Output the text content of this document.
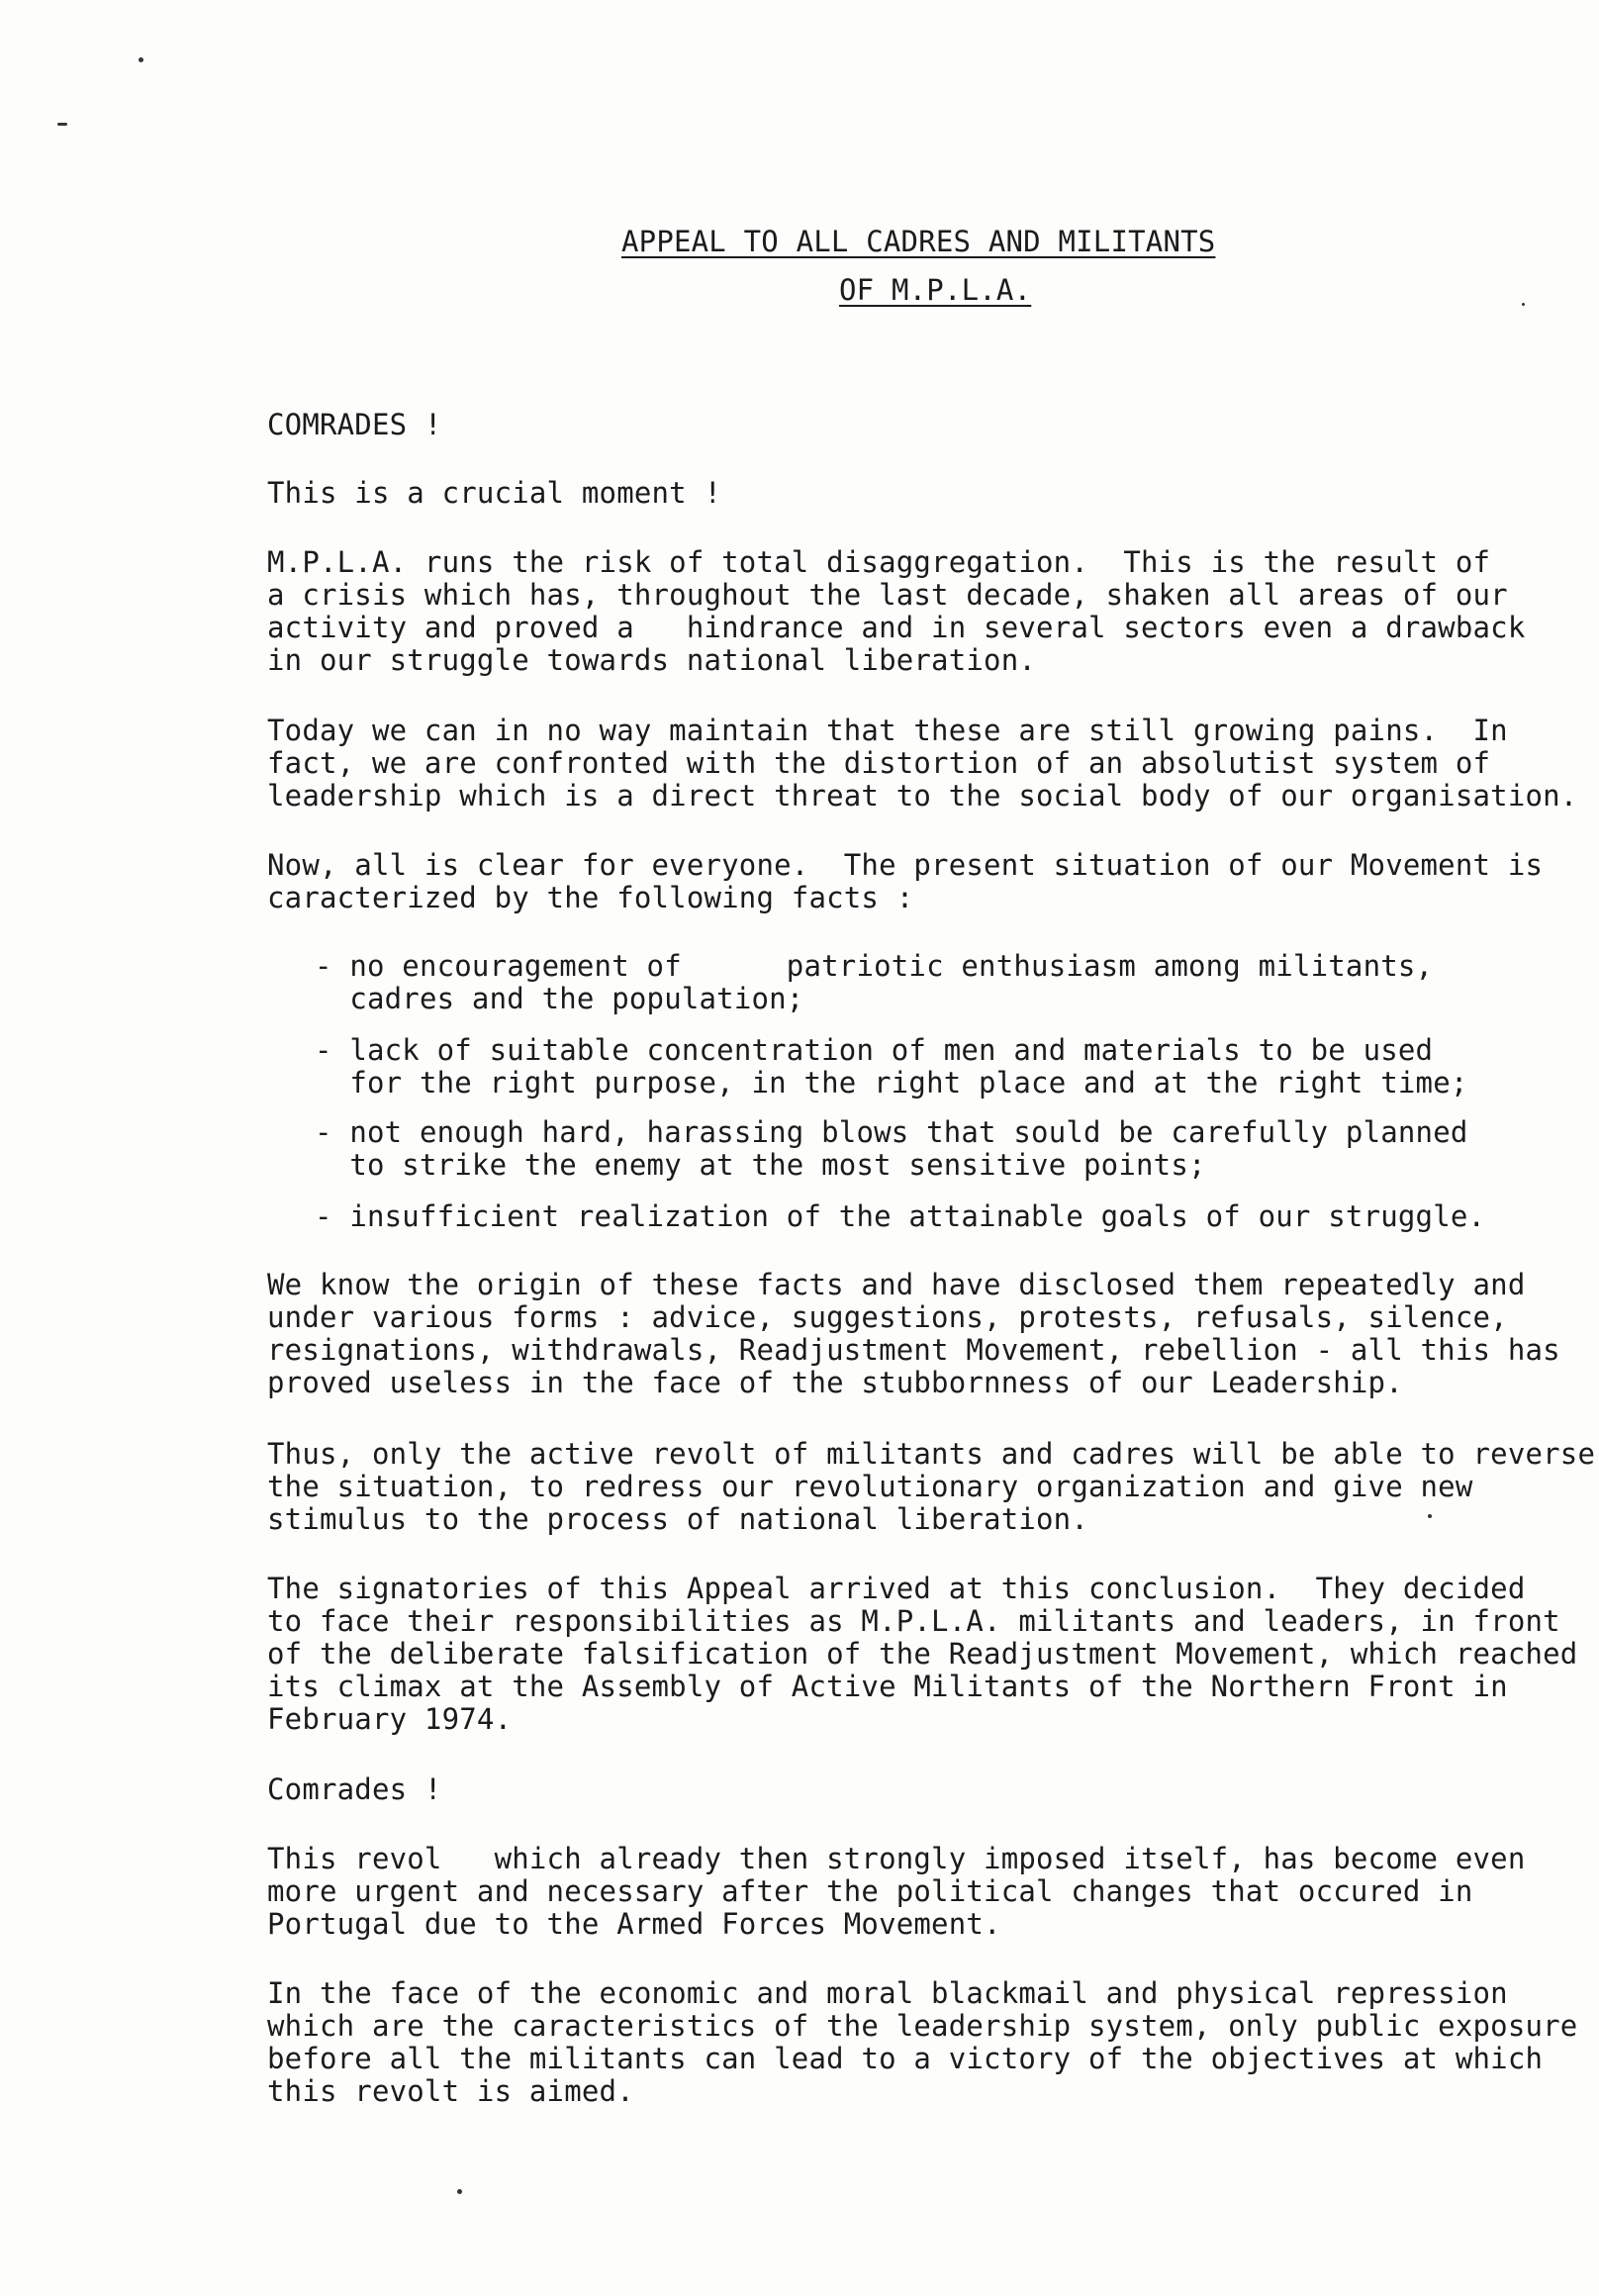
APPEAL TO ALL CADRES AND MILITANTS
OF M.P.L.A.
COMRADES !
This is a crucial moment !
M.P.L.A. runs the risk of total disaggregation.  This is the result of
a crisis which has, throughout the last decade, shaken all areas of our
activity and proved a   hindrance and in several sectors even a drawback
in our struggle towards national liberation.
Today we can in no way maintain that these are still growing pains.  In
fact, we are confronted with the distortion of an absolutist system of
leadership which is a direct threat to the social body of our organisation.
Now, all is clear for everyone.  The present situation of our Movement is
caracterized by the following facts :
- no encouragement of      patriotic enthusiasm among militants,
cadres and the population;
- lack of suitable concentration of men and materials to be used
for the right purpose, in the right place and at the right time;
- not enough hard, harassing blows that sould be carefully planned
to strike the enemy at the most sensitive points;
- insufficient realization of the attainable goals of our struggle.
We know the origin of these facts and have disclosed them repeatedly and
under various forms : advice, suggestions, protests, refusals, silence,
resignations, withdrawals, Readjustment Movement, rebellion - all this has
proved useless in the face of the stubbornness of our Leadership.
Thus, only the active revolt of militants and cadres will be able to reverse
the situation, to redress our revolutionary organization and give new
stimulus to the process of national liberation.
The signatories of this Appeal arrived at this conclusion.  They decided
to face their responsibilities as M.P.L.A. militants and leaders, in front
of the deliberate falsification of the Readjustment Movement, which reached
its climax at the Assembly of Active Militants of the Northern Front in
February 1974.
Comrades !
This revol   which already then strongly imposed itself, has become even
more urgent and necessary after the political changes that occured in
Portugal due to the Armed Forces Movement.
In the face of the economic and moral blackmail and physical repression
which are the caracteristics of the leadership system, only public exposure
before all the militants can lead to a victory of the objectives at which
this revolt is aimed.
